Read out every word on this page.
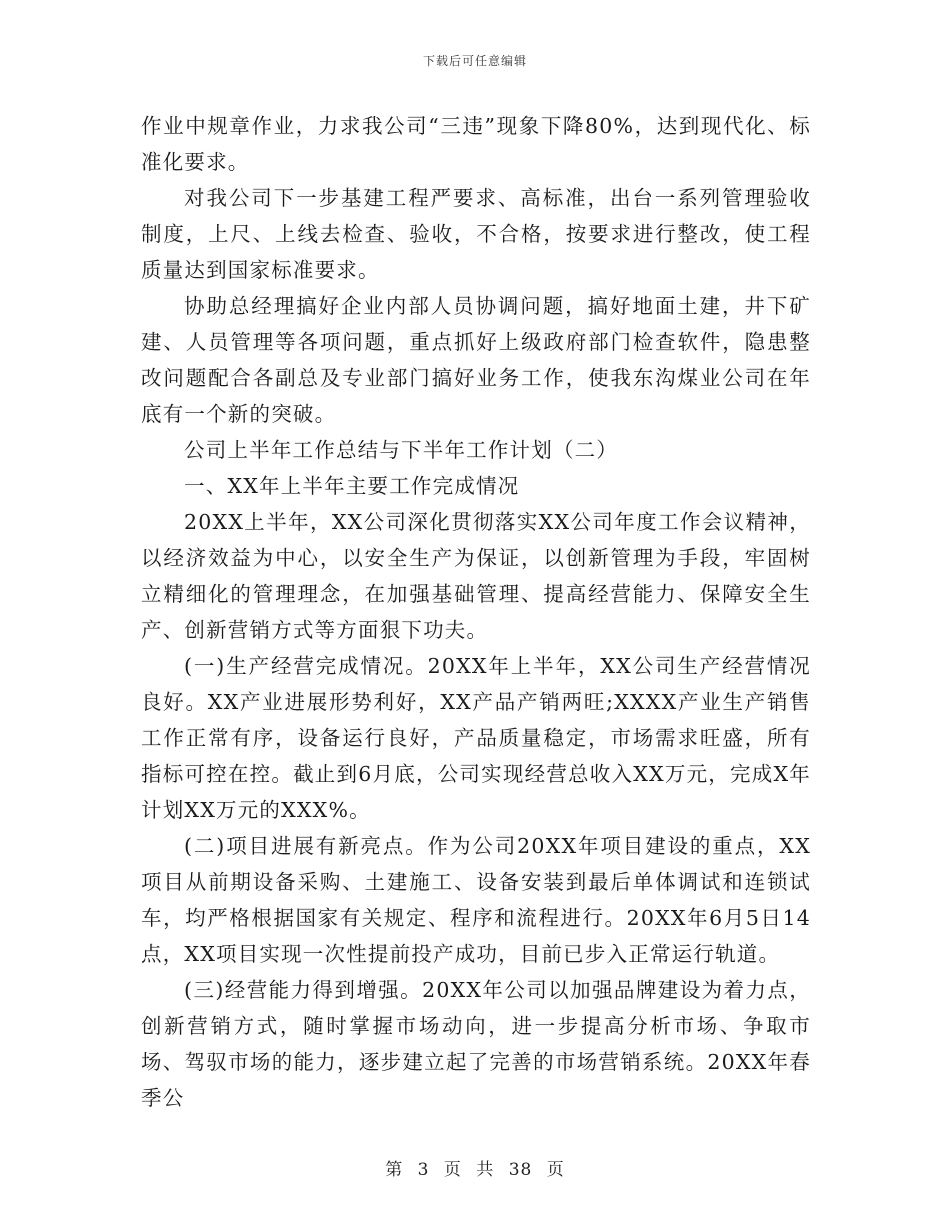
下载后可任意编辑

作业中规章作业，力求我公司“三违”现象下降80%，达到现代化、标准化要求。

对我公司下一步基建工程严要求、高标准，出台一系列管理验收制度，上尺、上线去检查、验收，不合格，按要求进行整改，使工程质量达到国家标准要求。

协助总经理搞好企业内部人员协调问题，搞好地面土建，井下矿建、人员管理等各项问题，重点抓好上级政府部门检查软件，隐患整改问题配合各副总及专业部门搞好业务工作，使我东沟煤业公司在年底有一个新的突破。

公司上半年工作总结与下半年工作计划（二）

一、XX年上半年主要工作完成情况

20XX上半年，XX公司深化贯彻落实XX公司年度工作会议精神，以经济效益为中心，以安全生产为保证，以创新管理为手段，牢固树立精细化的管理理念，在加强基础管理、提高经营能力、保障安全生产、创新营销方式等方面狠下功夫。

(一)生产经营完成情况。20XX年上半年，XX公司生产经营情况良好。XX产业进展形势利好，XX产品产销两旺;XXXX产业生产销售工作正常有序，设备运行良好，产品质量稳定，市场需求旺盛，所有指标可控在控。截止到6月底，公司实现经营总收入XX万元，完成X年计划XX万元的XXX%。

(二)项目进展有新亮点。作为公司20XX年项目建设的重点，XX项目从前期设备采购、土建施工、设备安装到最后单体调试和连锁试车，均严格根据国家有关规定、程序和流程进行。20XX年6月5日14点，XX项目实现一次性提前投产成功，目前已步入正常运行轨道。

(三)经营能力得到增强。20XX年公司以加强品牌建设为着力点，创新营销方式，随时掌握市场动向，进一步提高分析市场、争取市场、驾驭市场的能力，逐步建立起了完善的市场营销系统。20XX年春季公

第 3 页 共 38 页
